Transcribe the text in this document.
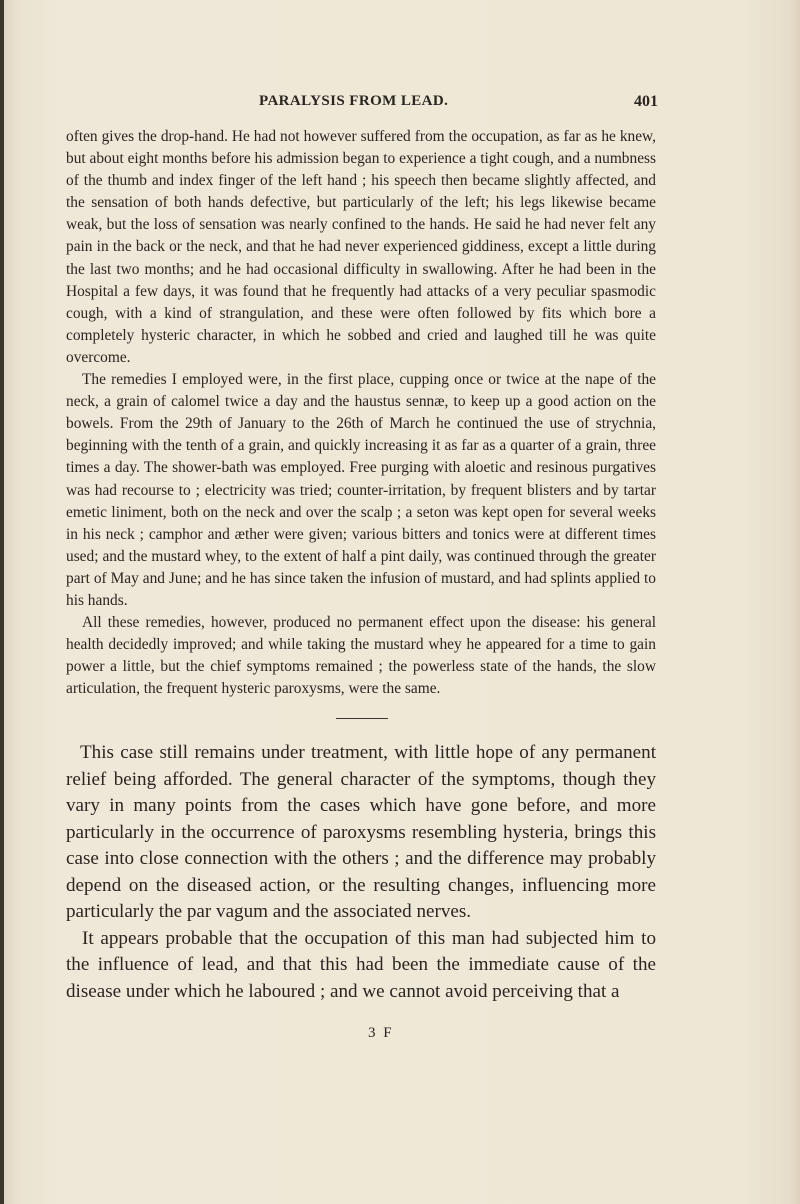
PARALYSIS FROM LEAD.	401

often gives the drop-hand. He had not however suffered from the occupation, as far as he knew, but about eight months before his admission began to experience a tight cough, and a numbness of the thumb and index finger of the left hand ; his speech then became slightly affected, and the sensation of both hands defective, but particularly of the left; his legs likewise became weak, but the loss of sensation was nearly confined to the hands. He said he had never felt any pain in the back or the neck, and that he had never experienced giddiness, except a little during the last two months; and he had occasional difficulty in swallowing. After he had been in the Hospital a few days, it was found that he frequently had attacks of a very peculiar spasmodic cough, with a kind of strangulation, and these were often followed by fits which bore a completely hysteric character, in which he sobbed and cried and laughed till he was quite overcome.

The remedies I employed were, in the first place, cupping once or twice at the nape of the neck, a grain of calomel twice a day and the haustus sennæ, to keep up a good action on the bowels. From the 29th of January to the 26th of March he continued the use of strychnia, beginning with the tenth of a grain, and quickly increasing it as far as a quarter of a grain, three times a day. The shower-bath was employed. Free purging with aloetic and resinous purgatives was had recourse to ; electricity was tried; counter-irritation, by frequent blisters and by tartar emetic liniment, both on the neck and over the scalp ; a seton was kept open for several weeks in his neck ; camphor and æther were given; various bitters and tonics were at different times used; and the mustard whey, to the extent of half a pint daily, was continued through the greater part of May and June; and he has since taken the infusion of mustard, and had splints applied to his hands.

All these remedies, however, produced no permanent effect upon the disease: his general health decidedly improved; and while taking the mustard whey he appeared for a time to gain power a little, but the chief symptoms remained ; the powerless state of the hands, the slow articulation, the frequent hysteric paroxysms, were the same.

This case still remains under treatment, with little hope of any permanent relief being afforded. The general character of the symptoms, though they vary in many points from the cases which have gone before, and more particularly in the occurrence of paroxysms resembling hysteria, brings this case into close connection with the others ; and the difference may probably depend on the diseased action, or the resulting changes, influencing more particularly the par vagum and the associated nerves.

It appears probable that the occupation of this man had subjected him to the influence of lead, and that this had been the immediate cause of the disease under which he laboured ; and we cannot avoid perceiving that a

3 F
